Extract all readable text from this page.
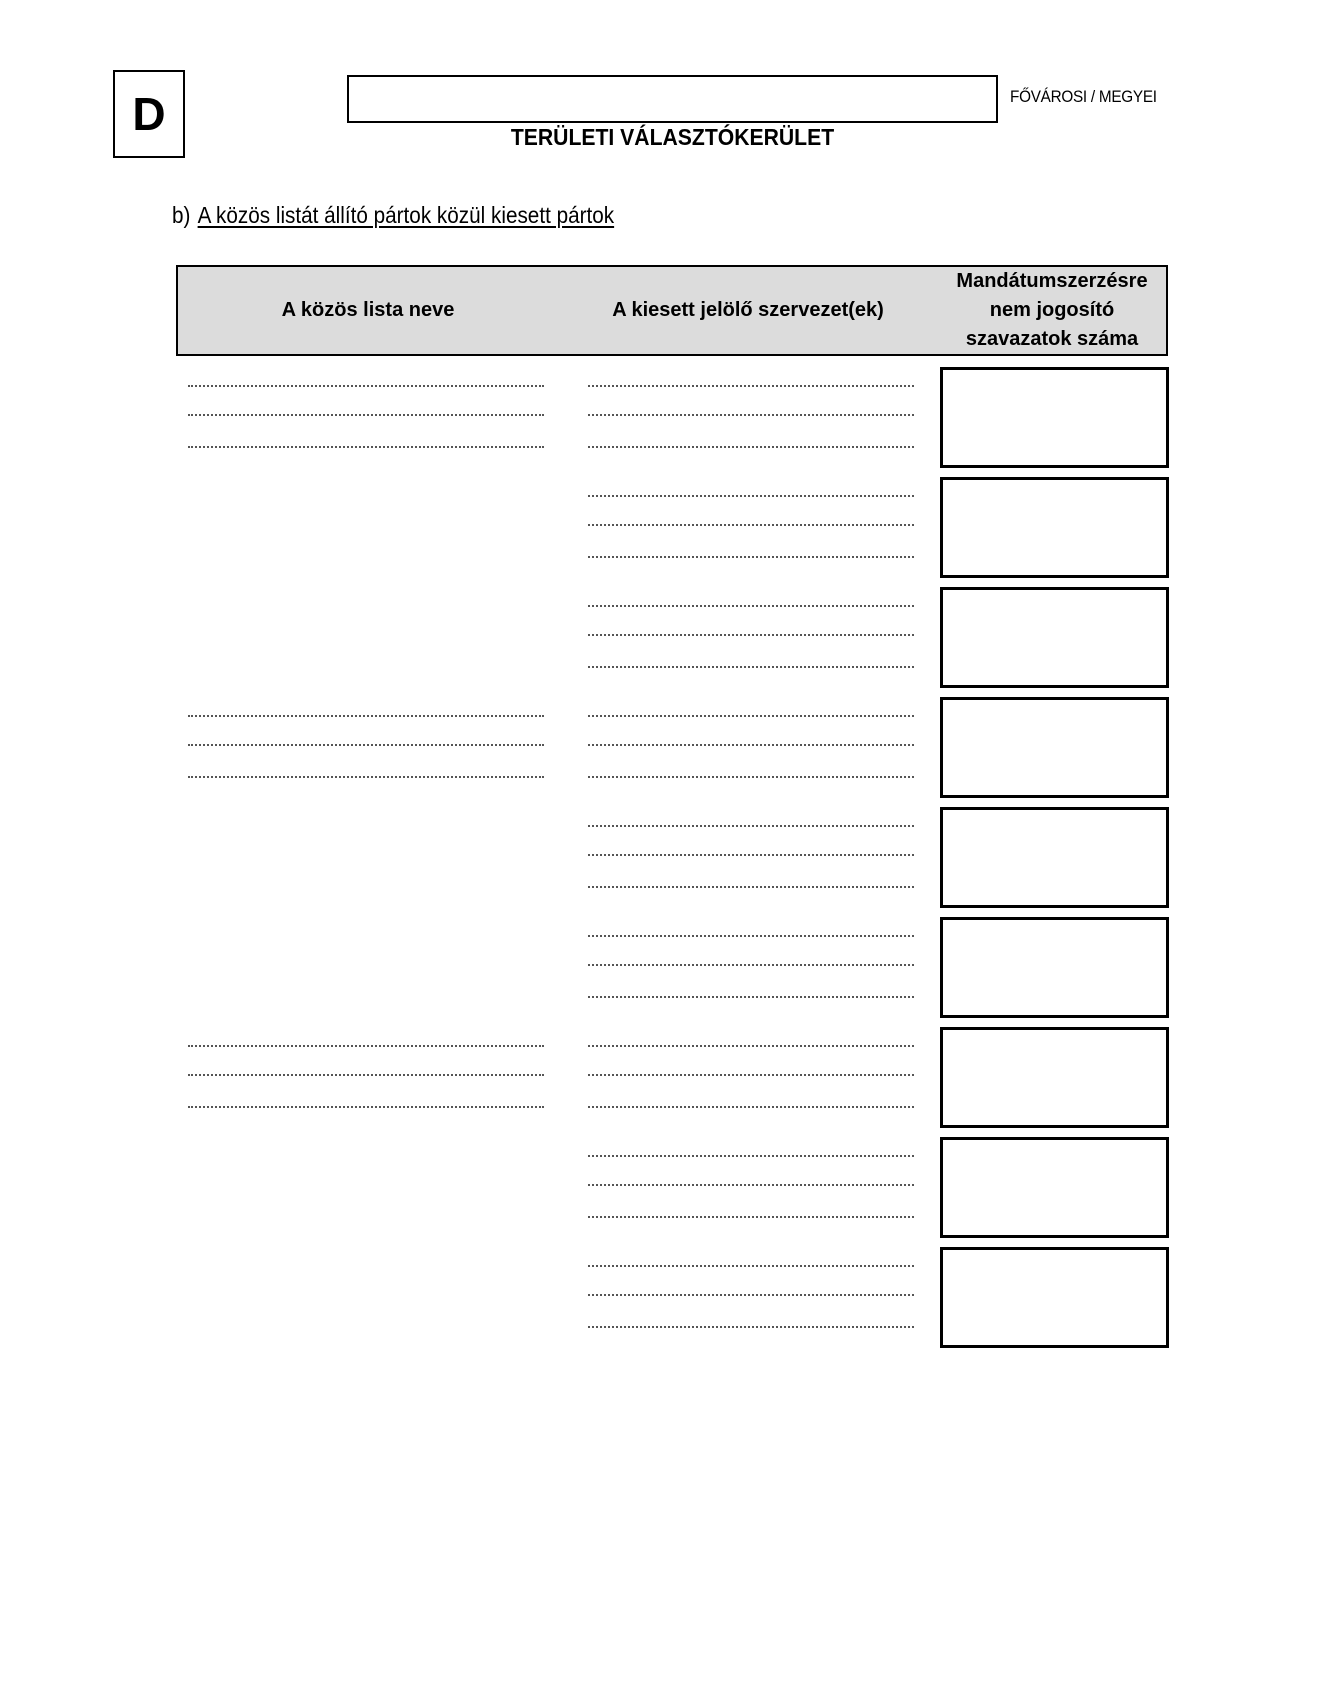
D	FŐVÁROSI / MEGYEI
TERÜLETI VÁLASZTÓKERÜLET
b) A közös listát állító pártok közül kiesett pártok
A közös lista neve	A kiesett jelölő szervezet(ek)
Mandátumszerzésre nem jogosító szavazatok száma
